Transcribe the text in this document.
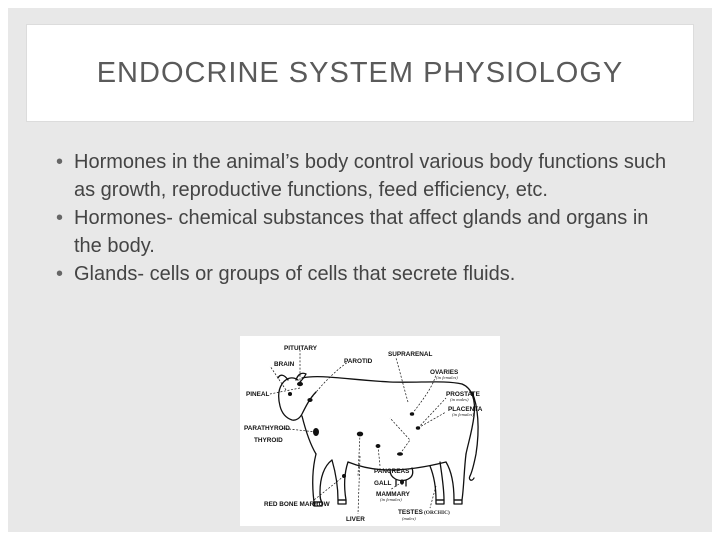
ENDOCRINE SYSTEM PHYSIOLOGY
• Hormones in the animal’s body control various body functions such as growth, reproductive functions, feed efficiency, etc.
• Hormones- chemical substances that affect glands and organs in the body.
• Glands- cells or groups of cells that secrete fluids.
PITUITARY
PAROTID
SUPRARENAL
BRAIN
OVARIES
(in females)
PINEAL	PROSTATE
(in males)
PLACENTA
(in females)
PARATHYROID
THYROID
PANCREAS
GALL
MAMMARY
(in females)
RED BONE MARROW
LIVER
TESTES (ORCHIC)
(males)
